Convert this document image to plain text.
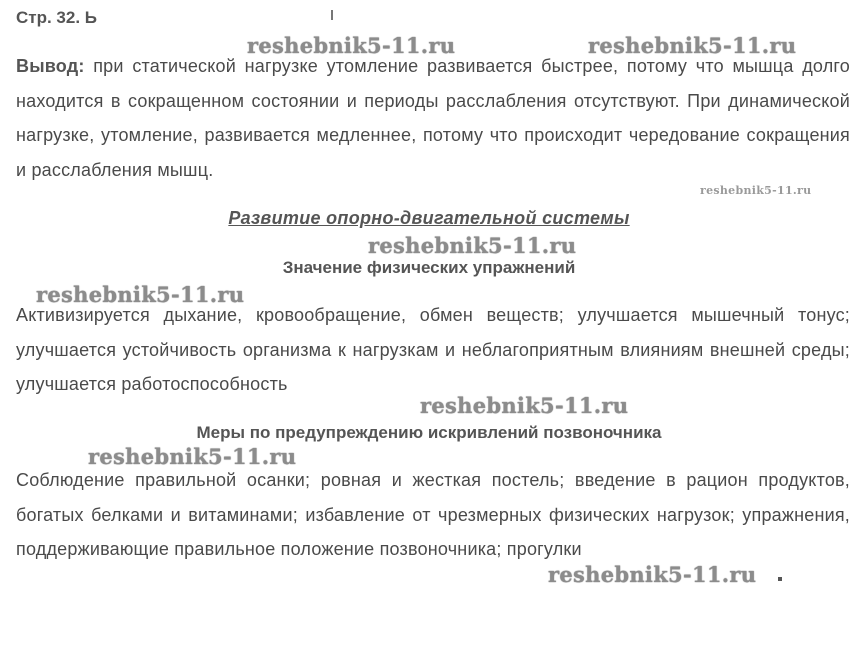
Стр. 32. Ь
reshebnik5-11.ru	reshebnik5-11.ru
Вывод: при статической нагрузке утомление развивается быстрее, потому что мышца долго находится в сокращенном состоянии и периоды расслабления отсутствуют. При динамической нагрузке, утомление, развивается медленнее, потому что происходит чередование сокращения и расслабления мышц.
reshebnik5-11.ru
Развитие опорно-двигательной системы
reshebnik5-11.ru
Значение физических упражнений
reshebnik5-11.ru
Активизируется дыхание, кровообращение, обмен веществ; улучшается мышечный тонус; улучшается устойчивость организма к нагрузкам и неблагоприятным влияниям внешней среды; улучшается работоспособность
reshebnik5-11.ru
Меры по предупреждению искривлений позвоночника
reshebnik5-11.ru
Соблюдение правильной осанки; ровная и жесткая постель; введение в рацион продуктов, богатых белками и витаминами; избавление от чрезмерных физических нагрузок; упражнения, поддерживающие правильное положение позвоночника; прогулки
reshebnik5-11.ru
